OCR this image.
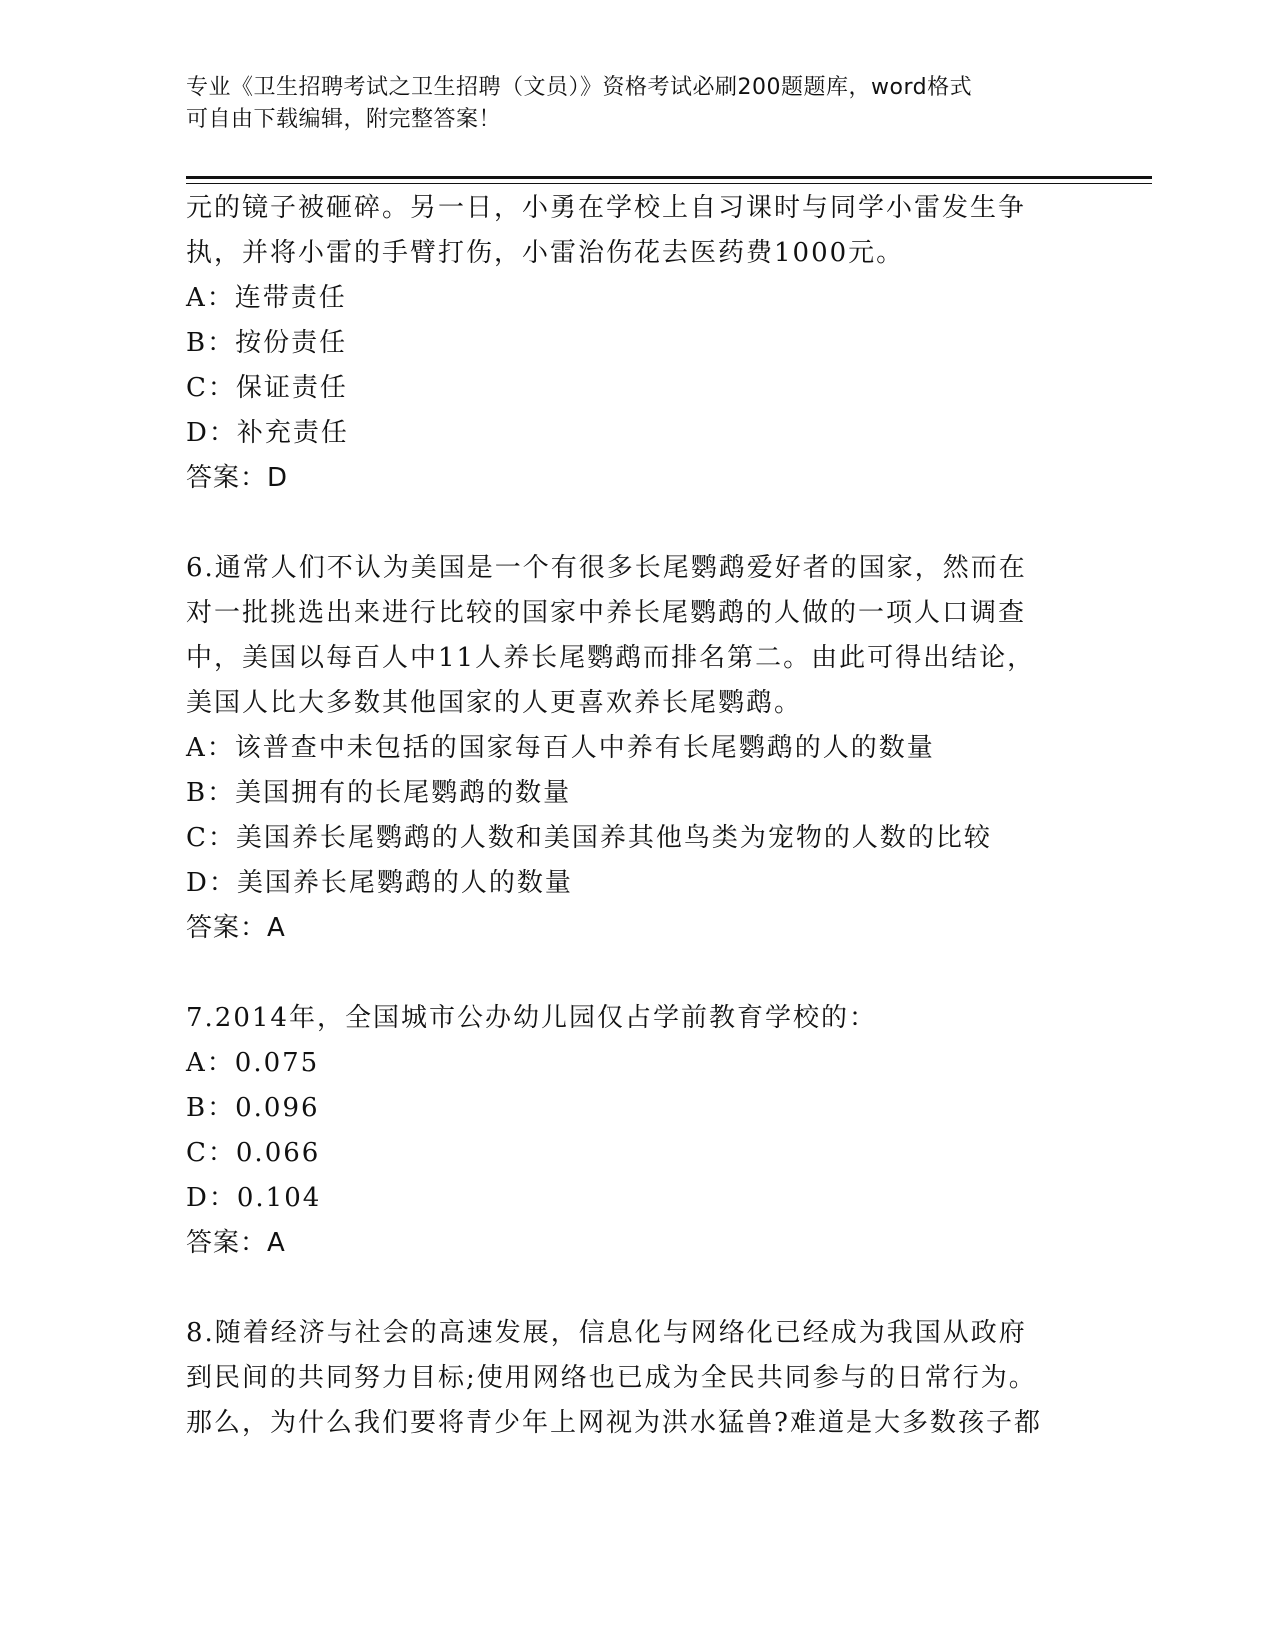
专业《卫生招聘考试之卫生招聘（文员）》资格考试必刷200题题库，word格式
可自由下载编辑，附完整答案！
元的镜子被砸碎。另一日，小勇在学校上自习课时与同学小雷发生争
执，并将小雷的手臂打伤，小雷治伤花去医药费1000元。
A：连带责任
B：按份责任
C：保证责任
D：补充责任
答案：D
6.通常人们不认为美国是一个有很多长尾鹦鹉爱好者的国家，然而在
对一批挑选出来进行比较的国家中养长尾鹦鹉的人做的一项人口调查
中，美国以每百人中11人养长尾鹦鹉而排名第二。由此可得出结论，
美国人比大多数其他国家的人更喜欢养长尾鹦鹉。
A：该普查中未包括的国家每百人中养有长尾鹦鹉的人的数量
B：美国拥有的长尾鹦鹉的数量
C：美国养长尾鹦鹉的人数和美国养其他鸟类为宠物的人数的比较
D：美国养长尾鹦鹉的人的数量
答案：A
7.2014年，全国城市公办幼儿园仅占学前教育学校的：
A：0.075
B：0.096
C：0.066
D：0.104
答案：A
8.随着经济与社会的高速发展，信息化与网络化已经成为我国从政府
到民间的共同努力目标;使用网络也已成为全民共同参与的日常行为。
那么，为什么我们要将青少年上网视为洪水猛兽?难道是大多数孩子都
